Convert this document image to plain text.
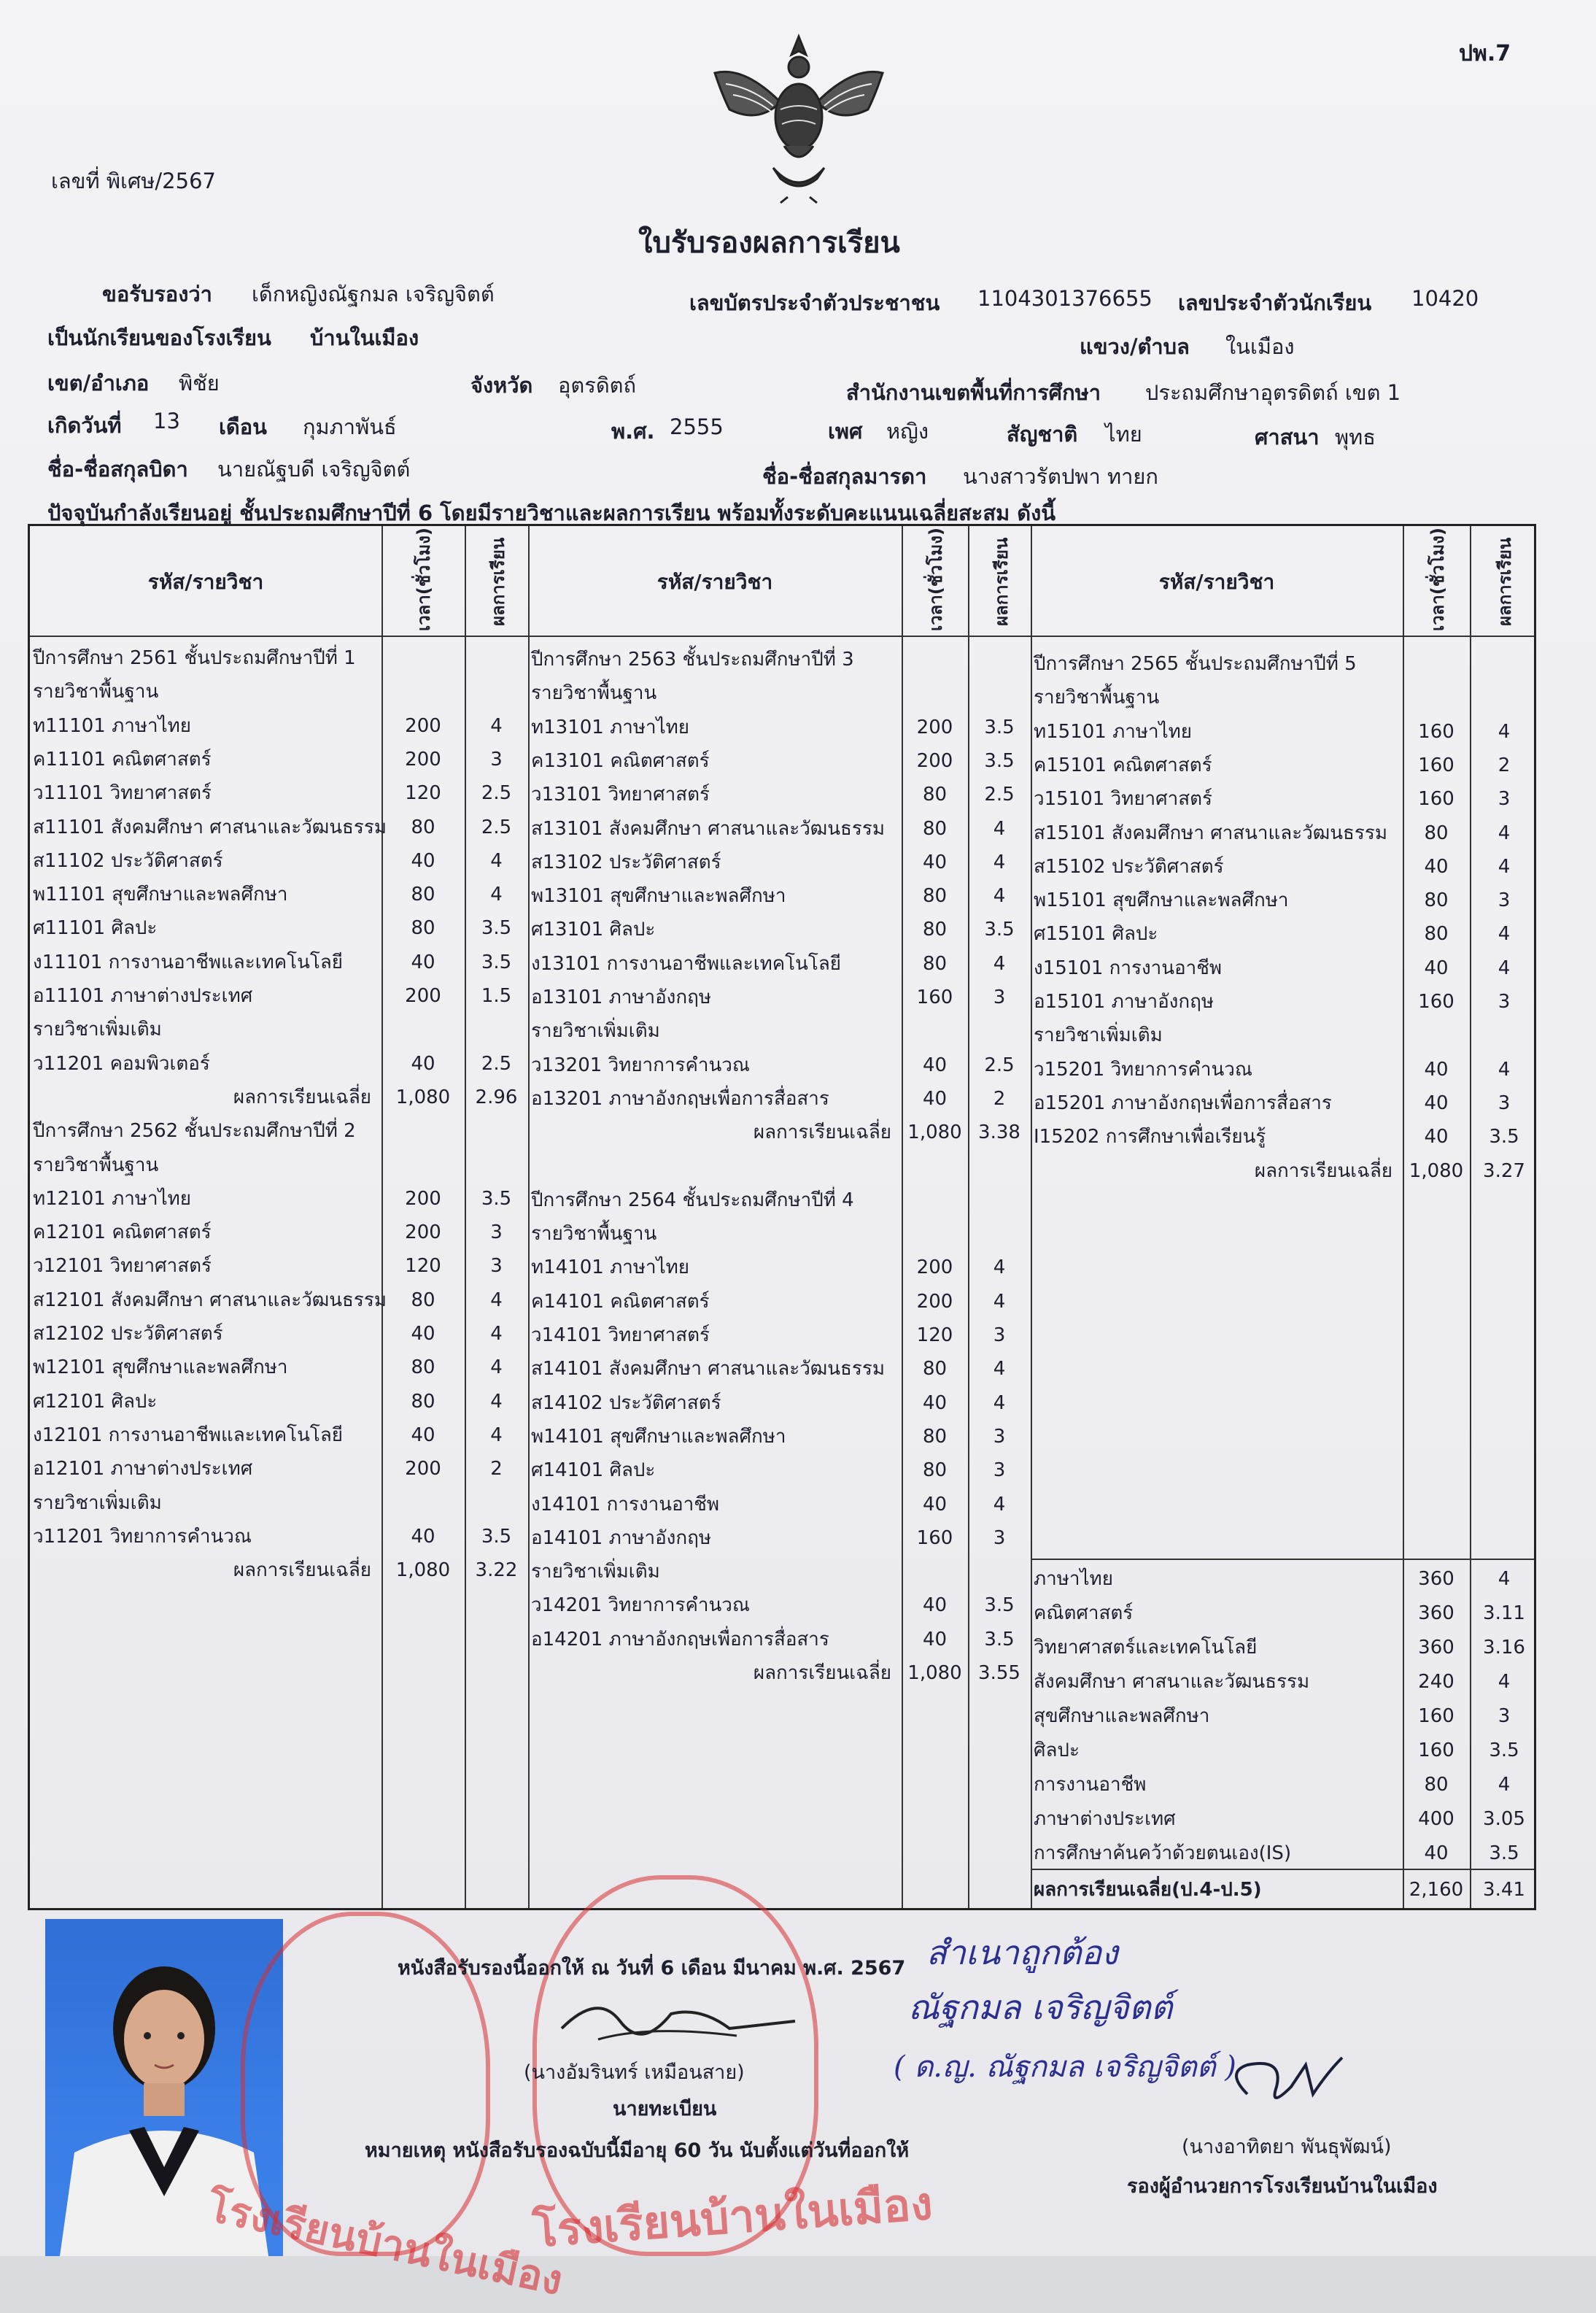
ปพ.7
เลขที่ พิเศษ/2567
ใบรับรองผลการเรียน
ขอรับรองว่า เด็กหญิงณัฐกมล เจริญจิตต์	เลขบัตรประจำตัวประชาชน 1104301376655 เลขประจำตัวนักเรียน 10420
เป็นนักเรียนของโรงเรียน บ้านในเมือง	แขวง/ตำบล ในเมือง
เขต/อำเภอ พิชัย	จังหวัด อุตรดิตถ์	สำนักงานเขตพื้นที่การศึกษา ประถมศึกษาอุตรดิตถ์ เขต 1
เกิดวันที่ 13 เดือน กุมภาพันธ์	พ.ศ. 2555	เพศ หญิง	สัญชาติ ไทย	ศาสนา พุทธ
ชื่อ-ชื่อสกุลบิดา นายณัฐบดี เจริญจิตต์	ชื่อ-ชื่อสกุลมารดา นางสาวรัตปพา ทายก
ปัจจุบันกำลังเรียนอยู่ ชั้นประถมศึกษาปีที่ 6 โดยมีรายวิชาและผลการเรียน พร้อมทั้งระดับคะแนนเฉลี่ยสะสม ดังนี้
รหัส/รายวิชา	เวลา(ชั่วโมง)	ผลการเรียน	รหัส/รายวิชา	เวลา(ชั่วโมง)	ผลการเรียน	รหัส/รายวิชา	เวลา(ชั่วโมง)	ผลการเรียน
ปีการศึกษา 2561 ชั้นประถมศึกษาปีที่ 1
รายวิชาพื้นฐาน
ท11101 ภาษาไทย	200	4
ค11101 คณิตศาสตร์	200	3
ว11101 วิทยาศาสตร์	120	2.5
ส11101 สังคมศึกษา ศาสนาและวัฒนธรรม	80	2.5
ส11102 ประวัติศาสตร์	40	4
พ11101 สุขศึกษาและพลศึกษา	80	4
ศ11101 ศิลปะ	80	3.5
ง11101 การงานอาชีพและเทคโนโลยี	40	3.5
อ11101 ภาษาต่างประเทศ	200	1.5
รายวิชาเพิ่มเติม
ว11201 คอมพิวเตอร์	40	2.5
ผลการเรียนเฉลี่ย	1,080	2.96
ปีการศึกษา 2562 ชั้นประถมศึกษาปีที่ 2
รายวิชาพื้นฐาน
ท12101 ภาษาไทย	200	3.5
ค12101 คณิตศาสตร์	200	3
ว12101 วิทยาศาสตร์	120	3
ส12101 สังคมศึกษา ศาสนาและวัฒนธรรม	80	4
ส12102 ประวัติศาสตร์	40	4
พ12101 สุขศึกษาและพลศึกษา	80	4
ศ12101 ศิลปะ	80	4
ง12101 การงานอาชีพและเทคโนโลยี	40	4
อ12101 ภาษาต่างประเทศ	200	2
รายวิชาเพิ่มเติม
ว11201 วิทยาการคำนวณ	40	3.5
ผลการเรียนเฉลี่ย	1,080	3.22
ปีการศึกษา 2563 ชั้นประถมศึกษาปีที่ 3
รายวิชาพื้นฐาน
ท13101 ภาษาไทย	200	3.5
ค13101 คณิตศาสตร์	200	3.5
ว13101 วิทยาศาสตร์	80	2.5
ส13101 สังคมศึกษา ศาสนาและวัฒนธรรม	80	4
ส13102 ประวัติศาสตร์	40	4
พ13101 สุขศึกษาและพลศึกษา	80	4
ศ13101 ศิลปะ	80	3.5
ง13101 การงานอาชีพและเทคโนโลยี	80	4
อ13101 ภาษาอังกฤษ	160	3
รายวิชาเพิ่มเติม
ว13201 วิทยาการคำนวณ	40	2.5
อ13201 ภาษาอังกฤษเพื่อการสื่อสาร	40	2
ผลการเรียนเฉลี่ย 1,080 3.38
ปีการศึกษา 2564 ชั้นประถมศึกษาปีที่ 4
รายวิชาพื้นฐาน
ท14101 ภาษาไทย	200	4
ค14101 คณิตศาสตร์	200	4
ว14101 วิทยาศาสตร์	120	3
ส14101 สังคมศึกษา ศาสนาและวัฒนธรรม	80	4
ส14102 ประวัติศาสตร์	40	4
พ14101 สุขศึกษาและพลศึกษา	80	3
ศ14101 ศิลปะ	80	3
ง14101 การงานอาชีพ	40	4
อ14101 ภาษาอังกฤษ	160	3
รายวิชาเพิ่มเติม
ว14201 วิทยาการคำนวณ	40	3.5
อ14201 ภาษาอังกฤษเพื่อการสื่อสาร	40	3.5
ผลการเรียนเฉลี่ย 1,080 3.55
ปีการศึกษา 2565 ชั้นประถมศึกษาปีที่ 5
รายวิชาพื้นฐาน
ท15101 ภาษาไทย	160	4
ค15101 คณิตศาสตร์	160	2
ว15101 วิทยาศาสตร์	160	3
ส15101 สังคมศึกษา ศาสนาและวัฒนธรรม	80	4
ส15102 ประวัติศาสตร์	40	4
พ15101 สุขศึกษาและพลศึกษา	80	3
ศ15101 ศิลปะ	80	4
ง15101 การงานอาชีพ	40	4
อ15101 ภาษาอังกฤษ	160	3
รายวิชาเพิ่มเติม
ว15201 วิทยาการคำนวณ	40	4
อ15201 ภาษาอังกฤษเพื่อการสื่อสาร	40	3
I15202 การศึกษาเพื่อเรียนรู้	40	3.5
ผลการเรียนเฉลี่ย 1,080	3.27
ภาษาไทย	360	4
คณิตศาสตร์	360	3.11
วิทยาศาสตร์และเทคโนโลยี	360	3.16
สังคมศึกษา ศาสนาและวัฒนธรรม	240	4
สุขศึกษาและพลศึกษา	160	3
ศิลปะ	160	3.5
การงานอาชีพ	80	4
ภาษาต่างประเทศ	400	3.05
การศึกษาค้นคว้าด้วยตนเอง(IS)	40	3.5
ผลการเรียนเฉลี่ย(ป.4-ป.5)	2,160	3.41
โรงเรียนบ้านในเมือง
โรงเรียนบ้านในเมือง
หนังสือรับรองนี้ออกให้ ณ วันที่ 6 เดือน มีนาคม พ.ศ. 2567
(นางอัมรินทร์ เหมือนสาย)
นายทะเบียน
หมายเหตุ หนังสือรับรองฉบับนี้มีอายุ 60 วัน นับตั้งแต่วันที่ออกให้
สำเนาถูกต้อง
ณัฐกมล เจริญจิตต์
( ด.ญ. ณัฐกมล เจริญจิตต์ )
(นางอาทิตยา พันธุพัฒน์)
รองผู้อำนวยการโรงเรียนบ้านในเมือง
